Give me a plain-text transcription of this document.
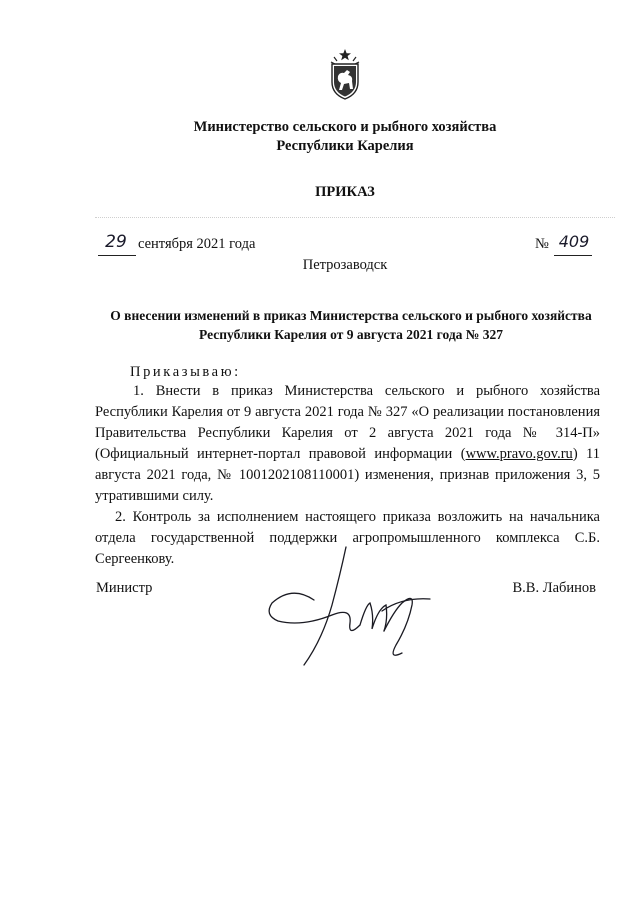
Министерство сельского и рыбного хозяйства
Республики Карелия
ПРИКАЗ
29 сентября 2021 года	№ 409
Петрозаводск
О внесении изменений в приказ Министерства сельского и рыбного хозяйства
Республики Карелия от 9 августа 2021 года № 327
Приказываю:

1. Внести в приказ Министерства сельского и рыбного хозяйства Республики Карелия от 9 августа 2021 года № 327 «О реализации постановления Правительства Республики Карелия от 2 августа 2021 года № 314-П» (Официальный интернет-портал правовой информации (www.pravo.gov.ru) 11 августа 2021 года, № 1001202108110001) изменения, признав приложения 3, 5 утратившими силу.

2. Контроль за исполнением настоящего приказа возложить на начальника отдела государственной поддержки агропромышленного комплекса С.Б. Сергеенкову.

Министр	В.В. Лабинов
